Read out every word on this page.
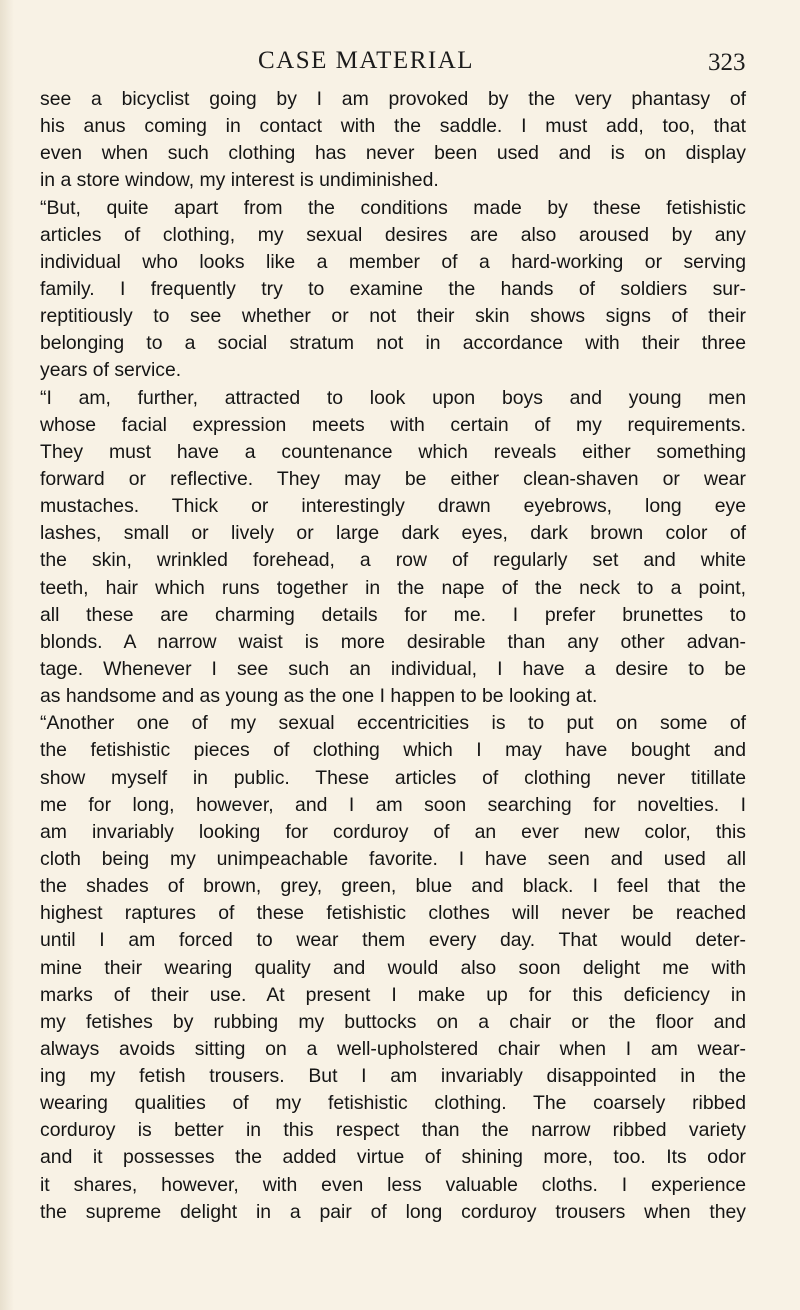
CASE MATERIAL	323
see a bicyclist going by I am provoked by the very phantasy of
his anus coming in contact with the saddle. I must add, too, that
even when such clothing has never been used and is on display
in a store window, my interest is undiminished.
“But, quite apart from the conditions made by these fetishistic
articles of clothing, my sexual desires are also aroused by any
individual who looks like a member of a hard-working or serving
family. I frequently try to examine the hands of soldiers sur-
reptitiously to see whether or not their skin shows signs of their
belonging to a social stratum not in accordance with their three
years of service.
“I am, further, attracted to look upon boys and young men
whose facial expression meets with certain of my requirements.
They must have a countenance which reveals either something
forward or reflective. They may be either clean-shaven or wear
mustaches. Thick or interestingly drawn eyebrows, long eye
lashes, small or lively or large dark eyes, dark brown color of
the skin, wrinkled forehead, a row of regularly set and white
teeth, hair which runs together in the nape of the neck to a point,
all these are charming details for me. I prefer brunettes to
blonds. A narrow waist is more desirable than any other advan-
tage. Whenever I see such an individual, I have a desire to be
as handsome and as young as the one I happen to be looking at.
“Another one of my sexual eccentricities is to put on some of
the fetishistic pieces of clothing which I may have bought and
show myself in public. These articles of clothing never titillate
me for long, however, and I am soon searching for novelties. I
am invariably looking for corduroy of an ever new color, this
cloth being my unimpeachable favorite. I have seen and used all
the shades of brown, grey, green, blue and black. I feel that the
highest raptures of these fetishistic clothes will never be reached
until I am forced to wear them every day. That would deter-
mine their wearing quality and would also soon delight me with
marks of their use. At present I make up for this deficiency in
my fetishes by rubbing my buttocks on a chair or the floor and
always avoids sitting on a well-upholstered chair when I am wear-
ing my fetish trousers. But I am invariably disappointed in the
wearing qualities of my fetishistic clothing. The coarsely ribbed
corduroy is better in this respect than the narrow ribbed variety
and it possesses the added virtue of shining more, too. Its odor
it shares, however, with even less valuable cloths. I experience
the supreme delight in a pair of long corduroy trousers when they
